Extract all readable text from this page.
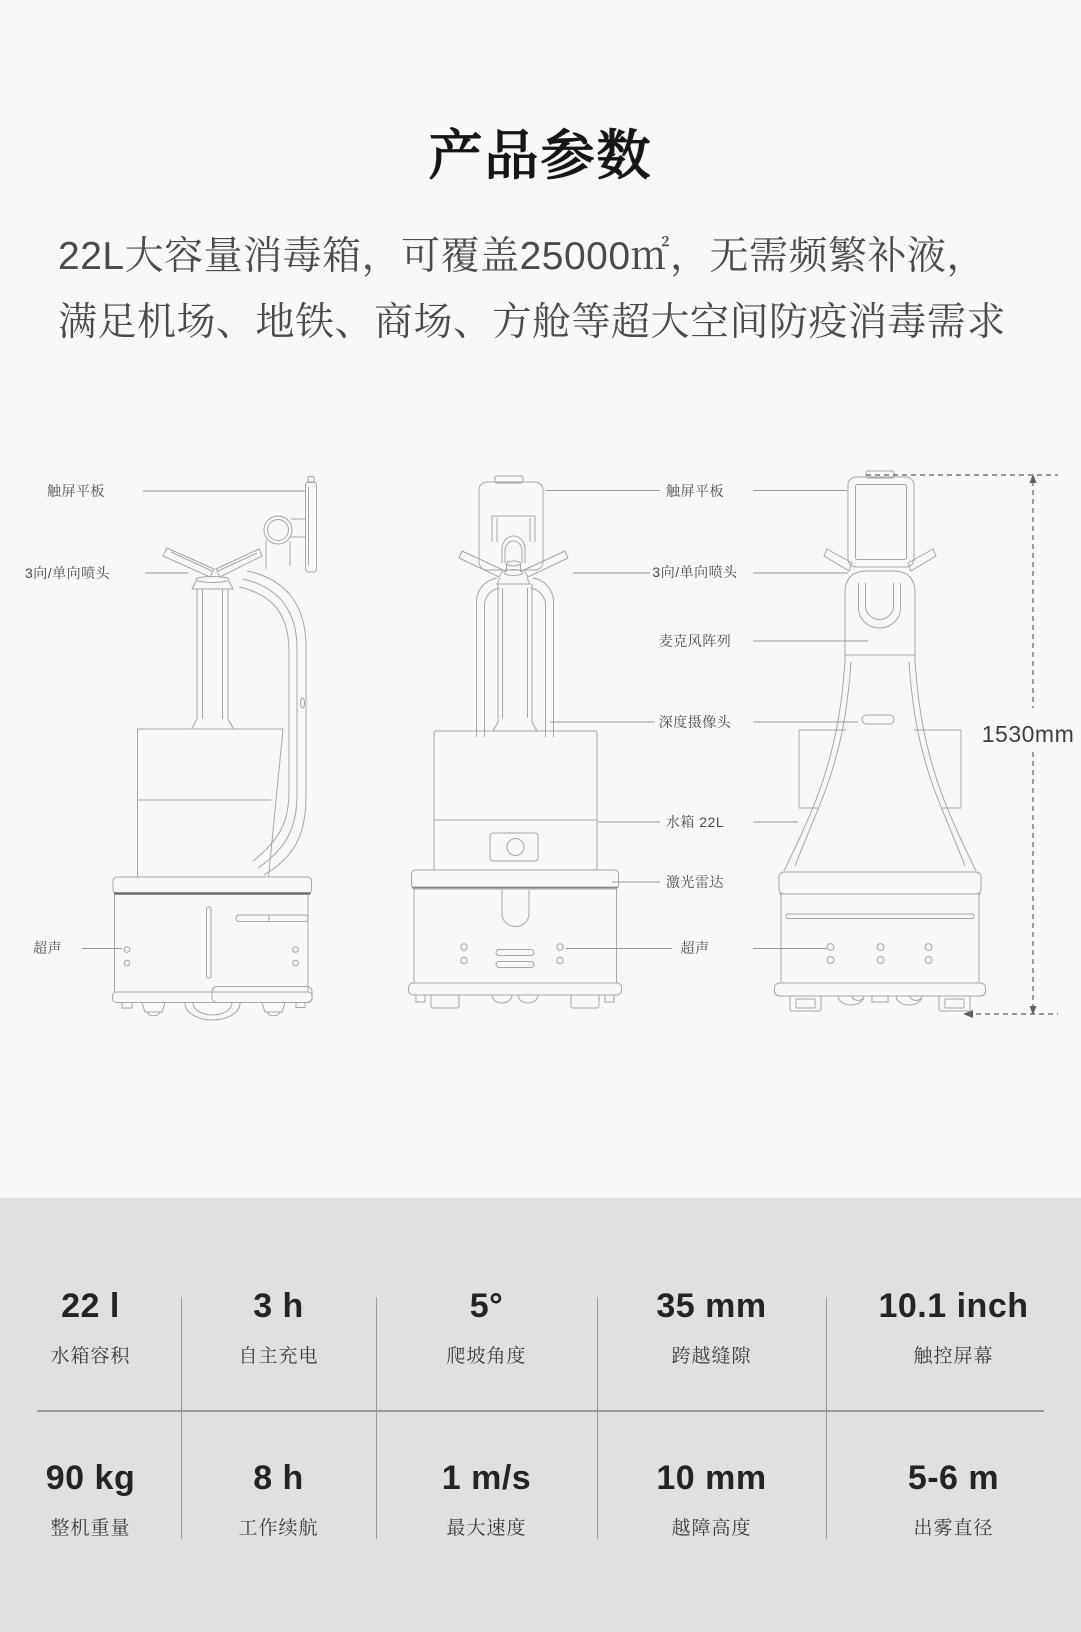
产品参数
22L大容量消毒箱，可覆盖25000㎡，无需频繁补液，
满足机场、地铁、商场、方舱等超大空间防疫消毒需求
触屏平板
3向/单向喷头
超声
触屏平板
3向/单向喷头
麦克风阵列
深度摄像头
水箱 22L
激光雷达
超声
1530mm
22 l
水箱容积
3 h
自主充电
5°
爬坡角度
35 mm
跨越缝隙
10.1 inch
触控屏幕
90 kg
整机重量
8 h
工作续航
1 m/s
最大速度
10 mm
越障高度
5-6 m
出雾直径
